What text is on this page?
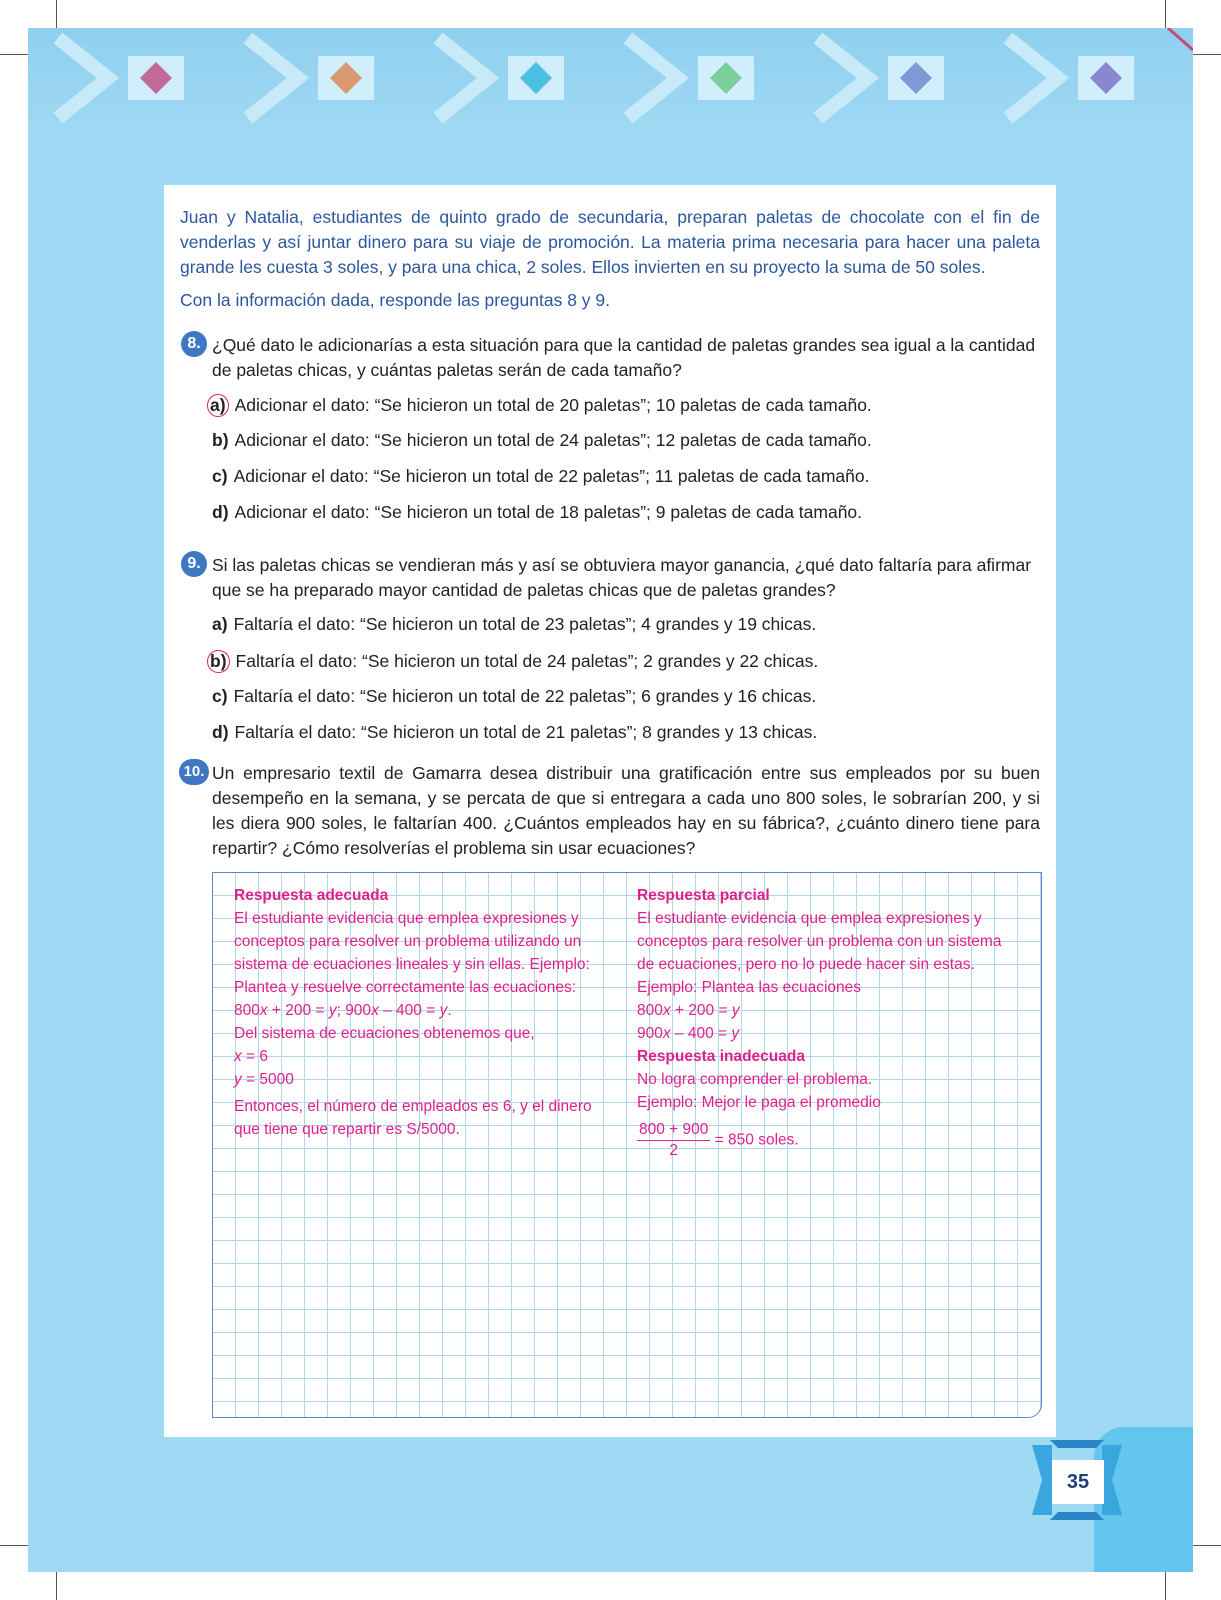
Juan y Natalia, estudiantes de quinto grado de secundaria, preparan paletas de chocolate con el fin de venderlas y así juntar dinero para su viaje de promoción. La materia prima necesaria para hacer una paleta grande les cuesta 3 soles, y para una chica, 2 soles. Ellos invierten en su proyecto la suma de 50 soles.
Con la información dada, responde las preguntas 8 y 9.
8. ¿Qué dato le adicionarías a esta situación para que la cantidad de paletas grandes sea igual a la cantidad de paletas chicas, y cuántas paletas serán de cada tamaño?
a) Adicionar el dato: “Se hicieron un total de 20 paletas”; 10 paletas de cada tamaño.
b) Adicionar el dato: “Se hicieron un total de 24 paletas”; 12 paletas de cada tamaño.
c) Adicionar el dato: “Se hicieron un total de 22 paletas”; 11 paletas de cada tamaño.
d) Adicionar el dato: “Se hicieron un total de 18 paletas”; 9 paletas de cada tamaño.
9. Si las paletas chicas se vendieran más y así se obtuviera mayor ganancia, ¿qué dato faltaría para afirmar que se ha preparado mayor cantidad de paletas chicas que de paletas grandes?
a) Faltaría el dato: “Se hicieron un total de 23 paletas”; 4 grandes y 19 chicas.
b) Faltaría el dato: “Se hicieron un total de 24 paletas”; 2 grandes y 22 chicas.
c) Faltaría el dato: “Se hicieron un total de 22 paletas”; 6 grandes y 16 chicas.
d) Faltaría el dato: “Se hicieron un total de 21 paletas”; 8 grandes y 13 chicas.
10. Un empresario textil de Gamarra desea distribuir una gratificación entre sus empleados por su buen desempeño en la semana, y se percata de que si entregara a cada uno 800 soles, le sobrarían 200, y si les diera 900 soles, le faltarían 400. ¿Cuántos empleados hay en su fábrica?, ¿cuánto dinero tiene para repartir? ¿Cómo resolverías el problema sin usar ecuaciones?
Respuesta adecuada
El estudiante evidencia que emplea expresiones y
conceptos para resolver un problema utilizando un
sistema de ecuaciones lineales y sin ellas. Ejemplo:
Plantea y resuelve correctamente las ecuaciones:
800x + 200 = y; 900x – 400 = y.
Del sistema de ecuaciones obtenemos que,
x = 6
y = 5000
Entonces, el número de empleados es 6, y el dinero
que tiene que repartir es S/5000.
Respuesta parcial
El estudiante evidencia que emplea expresiones y
conceptos para resolver un problema con un sistema
de ecuaciones, pero no lo puede hacer sin estas.
Ejemplo: Plantea las ecuaciones
800x + 200 = y
900x – 400 = y
Respuesta inadecuada
No logra comprender el problema.
Ejemplo: Mejor le paga el promedio
$\frac{800 + 900}{2} = 850$ soles.
35
